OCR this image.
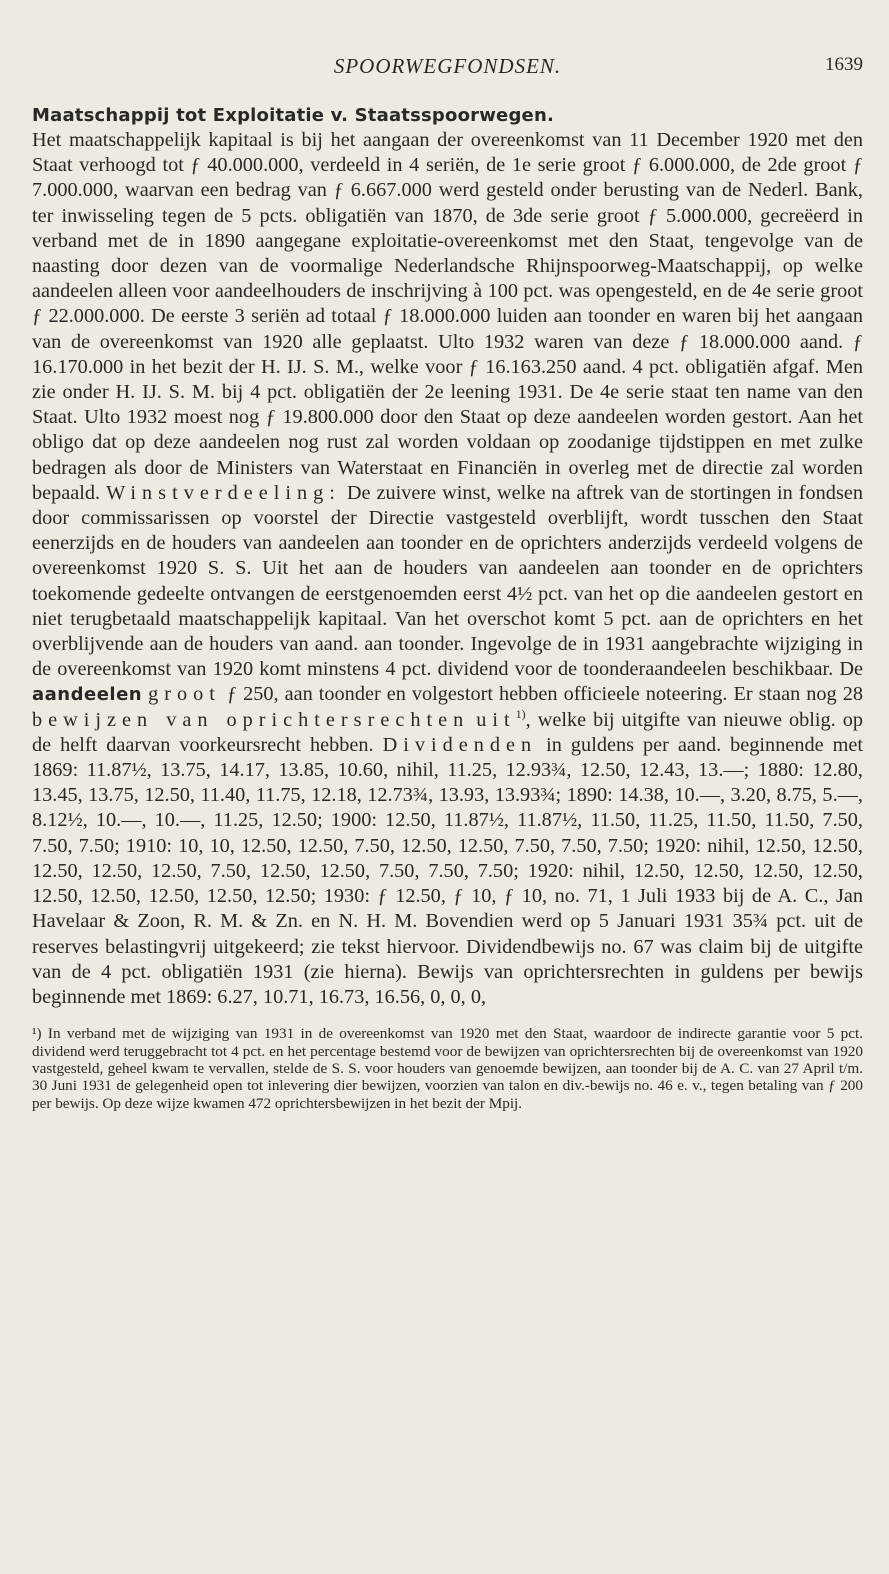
SPOORWEGFONDSEN.	1639
Maatschappij tot Exploitatie v. Staatsspoorwegen.

Het maatschappelijk kapitaal is bij het aangaan der overeenkomst van 11 December 1920 met den Staat verhoogd tot ƒ 40.000.000, verdeeld in 4 seriën, de 1e serie groot ƒ 6.000.000, de 2de groot ƒ 7.000.000, waarvan een bedrag van ƒ 6.667.000 werd gesteld onder berusting van de Nederl. Bank, ter inwisseling tegen de 5 pcts. obligatiën van 1870, de 3de serie groot ƒ 5.000.000, gecreëerd in verband met de in 1890 aangegane exploitatie-overeenkomst met den Staat, tengevolge van de naasting door dezen van de voormalige Nederlandsche Rhijnspoorweg-Maatschappij, op welke aandeelen alleen voor aandeelhouders de inschrijving à 100 pct. was opengesteld, en de 4e serie groot ƒ 22.000.000. De eerste 3 seriën ad totaal ƒ 18.000.000 luiden aan toonder en waren bij het aangaan van de overeenkomst van 1920 alle geplaatst. Ulto 1932 waren van deze ƒ 18.000.000 aand. ƒ 16.170.000 in het bezit der H. IJ. S. M., welke voor ƒ 16.163.250 aand. 4 pct. obligatiën afgaf. Men zie onder H. IJ. S. M. bij 4 pct. obligatiën der 2e leening 1931. De 4e serie staat ten name van den Staat. Ulto 1932 moest nog ƒ 19.800.000 door den Staat op deze aandeelen worden gestort. Aan het obligo dat op deze aandeelen nog rust zal worden voldaan op zoodanige tijdstippen en met zulke bedragen als door de Ministers van Waterstaat en Financiën in overleg met de directie zal worden bepaald. Winstverdeeling: De zuivere winst, welke na aftrek van de stortingen in fondsen door commissarissen op voorstel der Directie vastgesteld overblijft, wordt tusschen den Staat eenerzijds en de houders van aandeelen aan toonder en de oprichters anderzijds verdeeld volgens de overeenkomst 1920 S. S. Uit het aan de houders van aandeelen aan toonder en de oprichters toekomende gedeelte ontvangen de eerstgenoemden eerst 4½ pct. van het op die aandeelen gestort en niet terugbetaald maatschappelijk kapitaal. Van het overschot komt 5 pct. aan de oprichters en het overblijvende aan de houders van aand. aan toonder. Ingevolge de in 1931 aangebrachte wijziging in de overeenkomst van 1920 komt minstens 4 pct. dividend voor de toonderaandeelen beschikbaar. De aandeelen groot ƒ 250, aan toonder en volgestort hebben officieele noteering. Er staan nog 28 bewijzen van oprichtersrechten uit$^{1)}$, welke bij uitgifte van nieuwe oblig. op de helft daarvan voorkeursrecht hebben. Dividenden in guldens per aand. beginnende met 1869: 11.87½, 13.75, 14.17, 13.85, 10.60, nihil, 11.25, 12.93¾, 12.50, 12.43, 13.—; 1880: 12.80, 13.45, 13.75, 12.50, 11.40, 11.75, 12.18, 12.73¾, 13.93, 13.93¾; 1890: 14.38, 10.—, 3.20, 8.75, 5.—, 8.12½, 10.—, 10.—, 11.25, 12.50; 1900: 12.50, 11.87½, 11.87½, 11.50, 11.25, 11.50, 11.50, 7.50, 7.50, 7.50; 1910: 10, 10, 12.50, 12.50, 7.50, 12.50, 12.50, 7.50, 7.50, 7.50; 1920: nihil, 12.50, 12.50, 12.50, 12.50, 12.50, 7.50, 12.50, 12.50, 7.50, 7.50, 7.50; 1920: nihil, 12.50, 12.50, 12.50, 12.50, 12.50, 12.50, 12.50, 12.50, 12.50; 1930: ƒ 12.50, ƒ 10, ƒ 10, no. 71, 1 Juli 1933 bij de A. C., Jan Havelaar & Zoon, R. M. & Zn. en N. H. M. Bovendien werd op 5 Januari 1931 35¾ pct. uit de reserves belastingvrij uitgekeerd; zie tekst hiervoor. Dividendbewijs no. 67 was claim bij de uitgifte van de 4 pct. obligatiën 1931 (zie hierna). Bewijs van oprichtersrechten in guldens per bewijs beginnende met 1869: 6.27, 10.71, 16.73, 16.56, 0, 0, 0,

¹) In verband met de wijziging van 1931 in de overeenkomst van 1920 met den Staat, waardoor de indirecte garantie voor 5 pct. dividend werd teruggebracht tot 4 pct. en het percentage bestemd voor de bewijzen van oprichtersrechten bij de overeenkomst van 1920 vastgesteld, geheel kwam te vervallen, stelde de S. S. voor houders van genoemde bewijzen, aan toonder bij de A. C. van 27 April t/m. 30 Juni 1931 de gelegenheid open tot inlevering dier bewijzen, voorzien van talon en div.-bewijs no. 46 e. v., tegen betaling van ƒ 200 per bewijs. Op deze wijze kwamen 472 oprichtersbewijzen in het bezit der Mpij.
